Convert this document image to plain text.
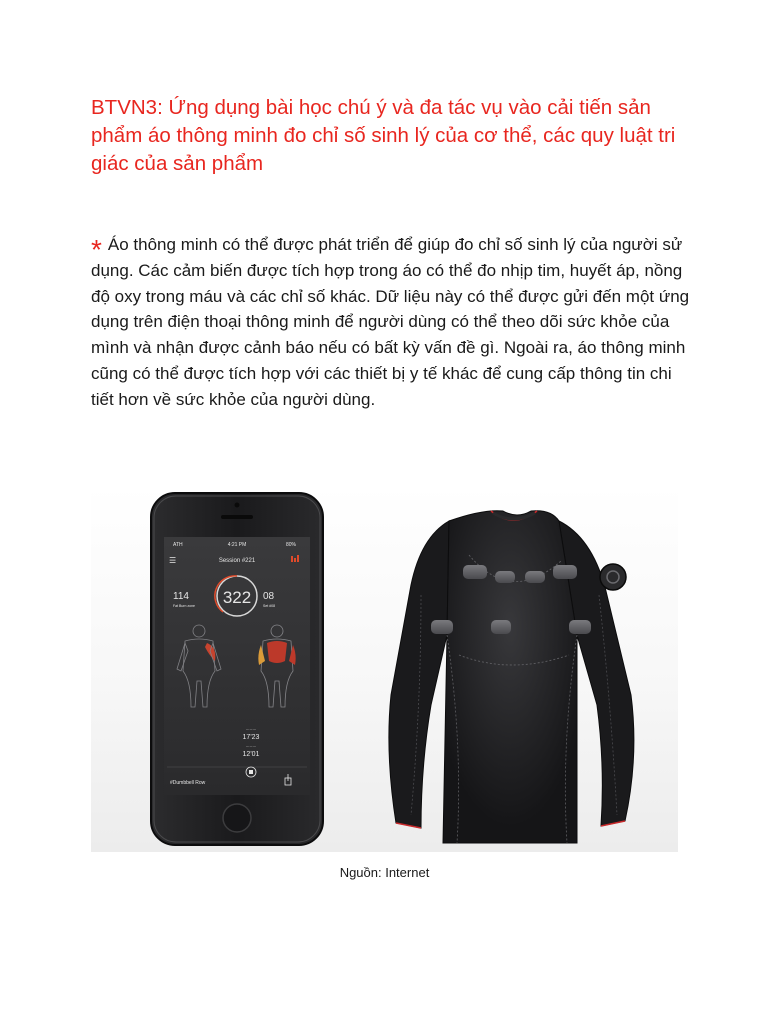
BTVN3: Ứng dụng bài học chú ý và đa tác vụ vào cải tiến sản phẩm áo thông minh đo chỉ số sinh lý của cơ thể, các quy luật tri giác của sản phẩm

* Áo thông minh có thể được phát triển để giúp đo chỉ số sinh lý của người sử dụng. Các cảm biến được tích hợp trong áo có thể đo nhịp tim, huyết áp, nồng độ oxy trong máu và các chỉ số khác. Dữ liệu này có thể được gửi đến một ứng dụng trên điện thoại thông minh để người dùng có thể theo dõi sức khỏe của mình và nhận được cảnh báo nếu có bất kỳ vấn đề gì. Ngoài ra, áo thông minh cũng có thể được tích hợp với các thiết bị y tế khác để cung cấp thông tin chi tiết hơn về sức khỏe của người dùng.

ATH	4:21 PM	80%
☰	Session #221
322
114
Fat Burn zone
08
Set #08
— — —
17'23
— — —
12'01
#Dumbbell Row

Nguồn: Internet
